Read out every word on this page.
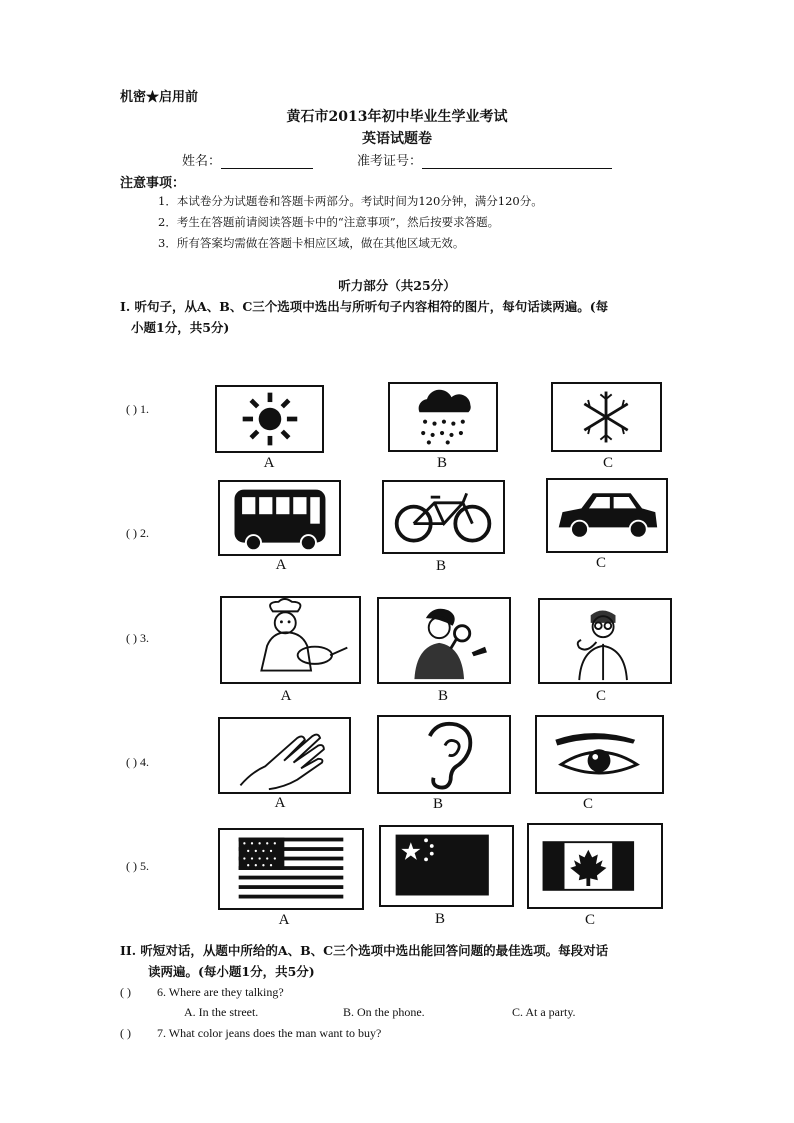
机密★启用前
黄石市2013年初中毕业生学业考试
英语试题卷
姓名：	准考证号：
注意事项：
1．本试卷分为试题卷和答题卡两部分。考试时间为120分钟，满分120分。
2．考生在答题前请阅读答题卡中的“注意事项”，然后按要求答题。
3．所有答案均需做在答题卡相应区域，做在其他区域无效。
听力部分（共25分）
I. 听句子，从A、B、C三个选项中选出与所听句子内容相符的图片，每句话读两遍。(每
小题1分，共5分)
( ) 1.
A	B	C
( ) 2.
A	B	C
( ) 3.
A	B	C
( ) 4.
A	B	C
( ) 5.
A	B	C
II. 听短对话，从题中所给的A、B、C三个选项中选出能回答问题的最佳选项。每段对话
读两遍。(每小题1分，共5分)
( ) 6. Where are they talking?
A. In the street.	B. On the phone.	C. At a party.
( ) 7. What color jeans does the man want to buy?
